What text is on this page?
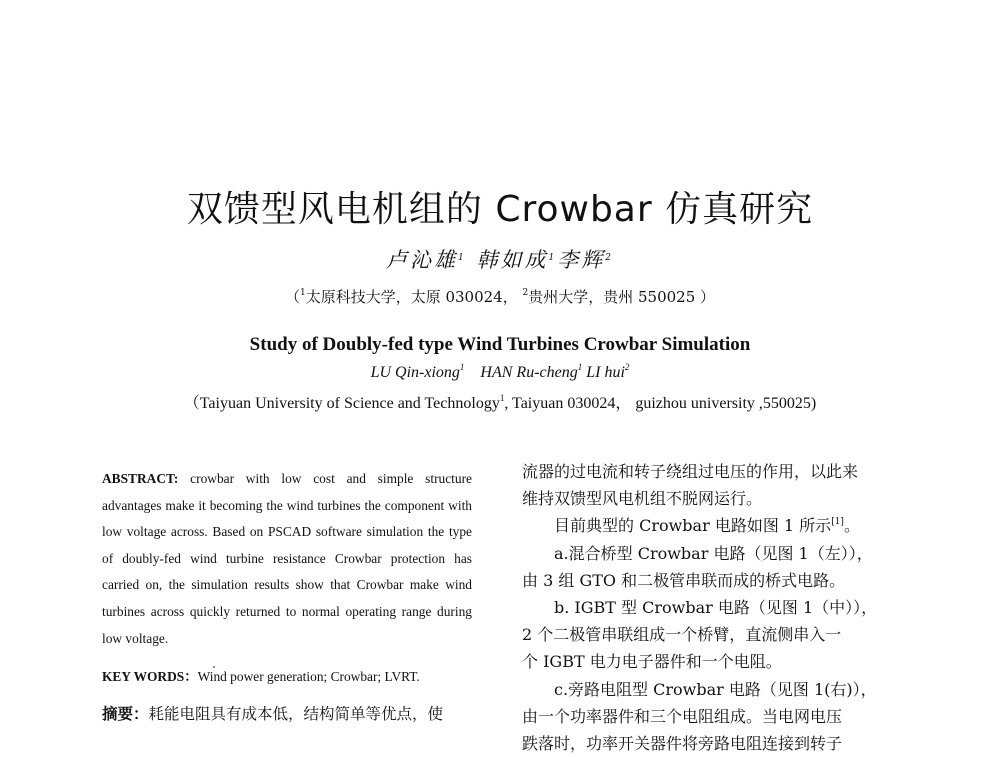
双馈型风电机组的 Crowbar 仿真研究
卢沁雄$^1$ 韩如成$^1$李辉$^2$
（$^1$太原科技大学，太原 030024， $^2$贵州大学，贵州 550025 ）
Study of Doubly-fed type Wind Turbines Crowbar Simulation
LU Qin-xiong$^1$ HAN Ru-cheng$^1$ LI hui$^2$
（Taiyuan University of Science and Technology$^1$, Taiyuan 030024， guizhou university ,550025)

ABSTRACT: crowbar with low cost and simple structure advantages make it becoming the wind turbines the component with low voltage across. Based on PSCAD software simulation the type of doubly-fed wind turbine resistance Crowbar protection has carried on, the simulation results show that Crowbar make wind turbines across quickly returned to normal operating range during low voltage.

KEY WORDS：Wind power generation; Crowbar; LVRT.
摘要：耗能电阻具有成本低，结构简单等优点，使
流器的过电流和转子绕组过电压的作用，以此来
维持双馈型风电机组不脱网运行。
目前典型的 Crowbar 电路如图 1 所示[1]。
a.混合桥型 Crowbar 电路（见图 1（左）），
由 3 组 GTO 和二极管串联而成的桥式电路。
b. IGBT 型 Crowbar 电路（见图 1（中）），
2 个二极管串联组成一个桥臂，直流侧串入一
个 IGBT 电力电子器件和一个电阻。
c.旁路电阻型 Crowbar 电路（见图 1(右)），
由一个功率器件和三个电阻组成。当电网电压
跌落时，功率开关器件将旁路电阻连接到转子
